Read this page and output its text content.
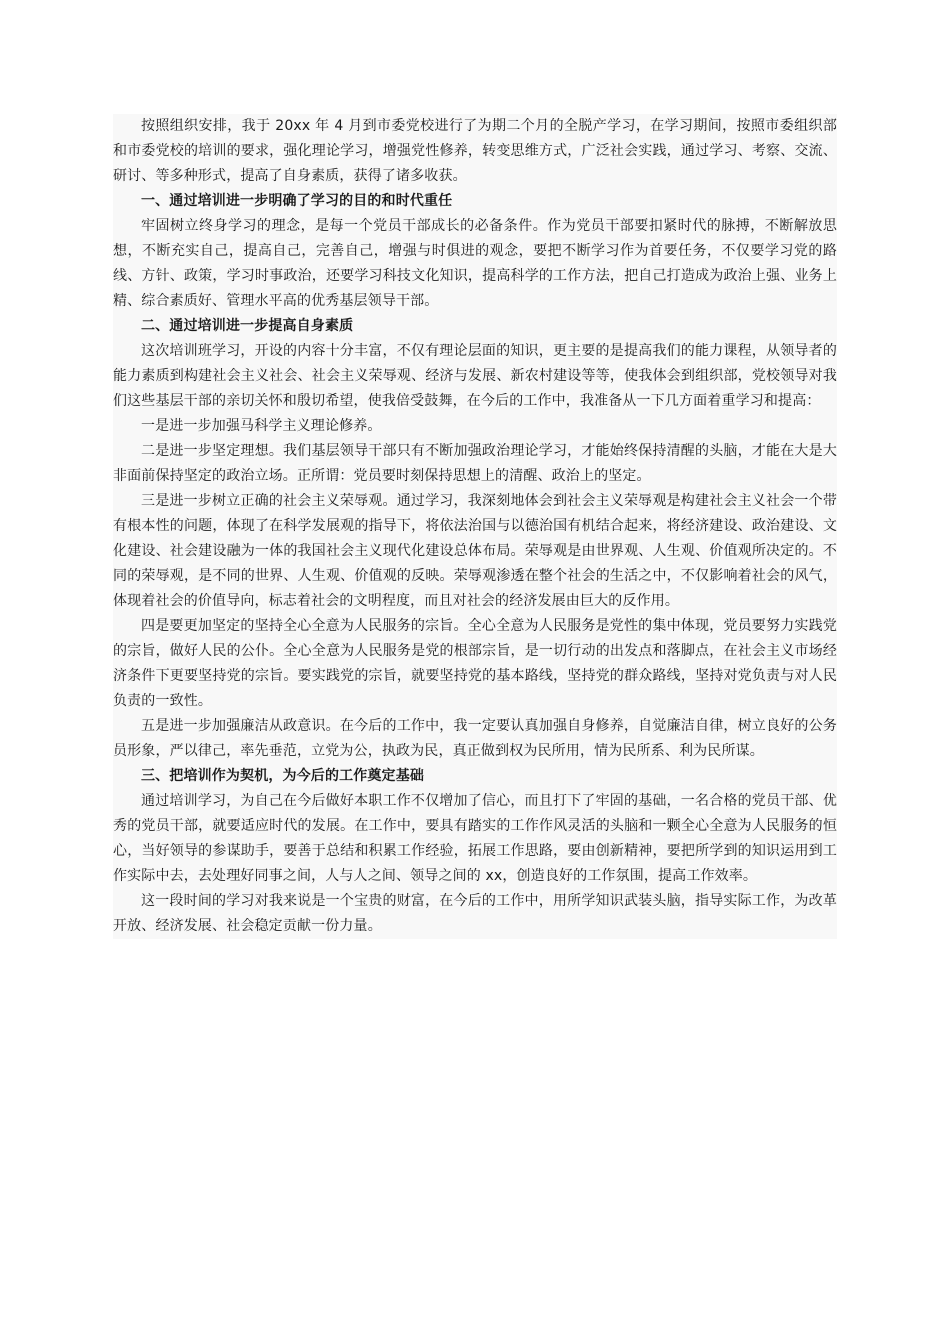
按照组织安排，我于 20xx 年 4 月到市委党校进行了为期二个月的全脱产学习，在学习期间，按照市委组织部和市委党校的培训的要求，强化理论学习，增强党性修养，转变思维方式，广泛社会实践，通过学习、考察、交流、研讨、等多种形式，提高了自身素质，获得了诸多收获。

一、通过培训进一步明确了学习的目的和时代重任

牢固树立终身学习的理念，是每一个党员干部成长的必备条件。作为党员干部要扣紧时代的脉搏，不断解放思想，不断充实自己，提高自己，完善自己，增强与时俱进的观念，要把不断学习作为首要任务，不仅要学习党的路线、方针、政策，学习时事政治，还要学习科技文化知识，提高科学的工作方法，把自己打造成为政治上强、业务上精、综合素质好、管理水平高的优秀基层领导干部。

二、通过培训进一步提高自身素质

这次培训班学习，开设的内容十分丰富，不仅有理论层面的知识，更主要的是提高我们的能力课程，从领导者的能力素质到构建社会主义社会、社会主义荣辱观、经济与发展、新农村建设等等，使我体会到组织部，党校领导对我们这些基层干部的亲切关怀和殷切希望，使我倍受鼓舞，在今后的工作中，我准备从一下几方面着重学习和提高：

一是进一步加强马科学主义理论修养。

二是进一步坚定理想。我们基层领导干部只有不断加强政治理论学习，才能始终保持清醒的头脑，才能在大是大非面前保持坚定的政治立场。正所谓：党员要时刻保持思想上的清醒、政治上的坚定。

三是进一步树立正确的社会主义荣辱观。通过学习，我深刻地体会到社会主义荣辱观是构建社会主义社会一个带有根本性的问题，体现了在科学发展观的指导下，将依法治国与以德治国有机结合起来，将经济建设、政治建设、文化建设、社会建设融为一体的我国社会主义现代化建设总体布局。荣辱观是由世界观、人生观、价值观所决定的。不同的荣辱观，是不同的世界、人生观、价值观的反映。荣辱观渗透在整个社会的生活之中，不仅影响着社会的风气，体现着社会的价值导向，标志着社会的文明程度，而且对社会的经济发展由巨大的反作用。

四是要更加坚定的坚持全心全意为人民服务的宗旨。全心全意为人民服务是党性的集中体现，党员要努力实践党的宗旨，做好人民的公仆。全心全意为人民服务是党的根部宗旨，是一切行动的出发点和落脚点，在社会主义市场经济条件下更要坚持党的宗旨。要实践党的宗旨，就要坚持党的基本路线，坚持党的群众路线，坚持对党负责与对人民负责的一致性。

五是进一步加强廉洁从政意识。在今后的工作中，我一定要认真加强自身修养，自觉廉洁自律，树立良好的公务员形象，严以律己，率先垂范，立党为公，执政为民，真正做到权为民所用，情为民所系、利为民所谋。

三、把培训作为契机，为今后的工作奠定基础

通过培训学习，为自己在今后做好本职工作不仅增加了信心，而且打下了牢固的基础，一名合格的党员干部、优秀的党员干部，就要适应时代的发展。在工作中，要具有踏实的工作作风灵活的头脑和一颗全心全意为人民服务的恒心，当好领导的参谋助手，要善于总结和积累工作经验，拓展工作思路，要由创新精神，要把所学到的知识运用到工作实际中去，去处理好同事之间，人与人之间、领导之间的 xx，创造良好的工作氛围，提高工作效率。

这一段时间的学习对我来说是一个宝贵的财富，在今后的工作中，用所学知识武装头脑，指导实际工作，为改革开放、经济发展、社会稳定贡献一份力量。
